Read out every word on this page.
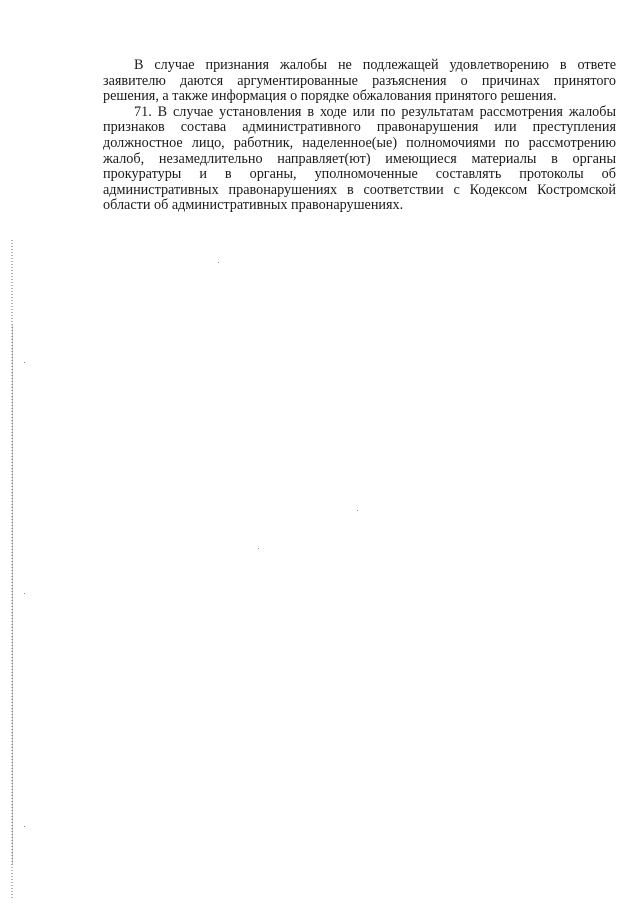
В случае признания жалобы не подлежащей удовлетворению в ответе
заявителю даются аргументированные разъяснения о причинах принятого
решения, а также информация о порядке обжалования принятого решения.
71. В случае установления в ходе или по результатам рассмотрения жалобы
признаков состава административного правонарушения или преступления
должностное лицо, работник, наделенное(ые) полномочиями по рассмотрению
жалоб, незамедлительно направляет(ют) имеющиеся материалы в органы
прокуратуры и в органы, уполномоченные составлять протоколы об
административных правонарушениях в соответствии с Кодексом Костромской
области об административных правонарушениях.
